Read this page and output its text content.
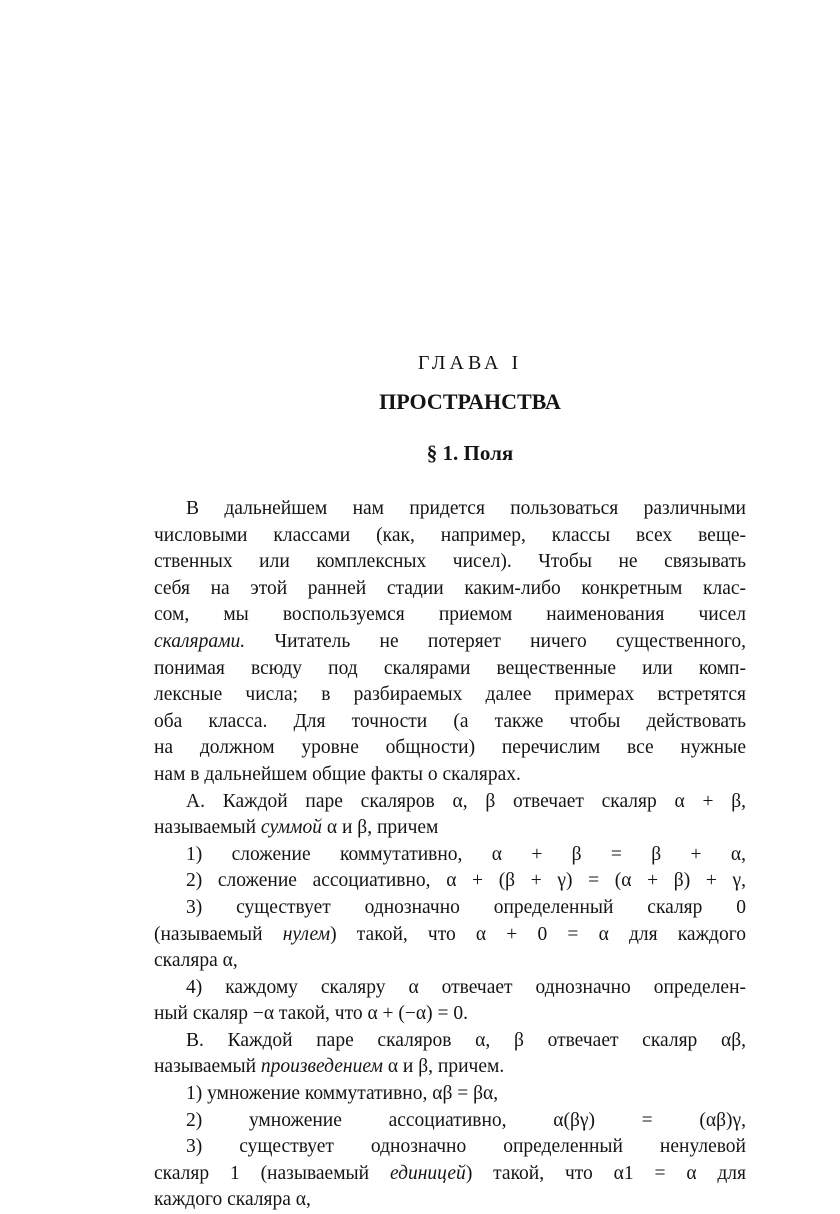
ГЛАВА I
ПРОСТРАНСТВА
§ 1. Поля
В дальнейшем нам придется пользоваться различными
числовыми классами (как, например, классы всех веще-
ственных или комплексных чисел). Чтобы не связывать
себя на этой ранней стадии каким-либо конкретным клас-
сом, мы воспользуемся приемом наименования чисел
скалярами. Читатель не потеряет ничего существенного,
понимая всюду под скалярами вещественные или комп-
лексные числа; в разбираемых далее примерах встретятся
оба класса. Для точности (а также чтобы действовать
на должном уровне общности) перечислим все нужные
нам в дальнейшем общие факты о скалярах.
А. Каждой паре скаляров α, β отвечает скаляр α + β,
называемый суммой α и β, причем
1) сложение коммутативно, α + β = β + α,
2) сложение ассоциативно, α + (β + γ) = (α + β) + γ,
3) существует однозначно определенный скаляр 0
(называемый нулем) такой, что α + 0 = α для каждого
скаляра α,
4) каждому скаляру α отвечает однозначно определен-
ный скаляр −α такой, что α + (−α) = 0.
В. Каждой паре скаляров α, β отвечает скаляр αβ,
называемый произведением α и β, причем.
1) умножение коммутативно, αβ = βα,
2) умножение ассоциативно, α(βγ) = (αβ)γ,
3) существует однозначно определенный ненулевой
скаляр 1 (называемый единицей) такой, что α1 = α для
каждого скаляра α,
